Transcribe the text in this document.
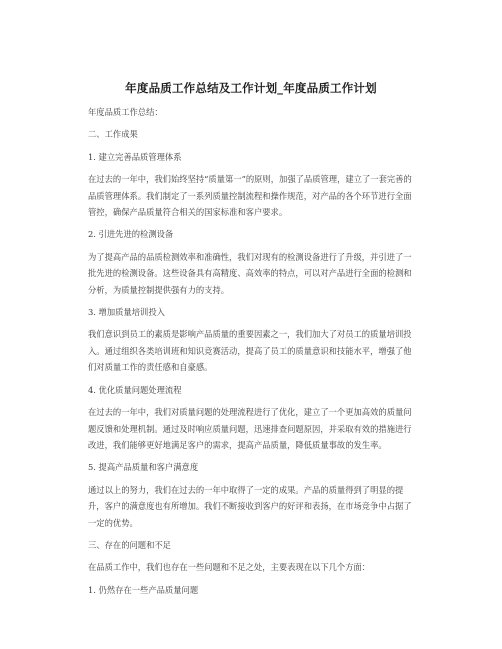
年度品质工作总结及工作计划_年度品质工作计划

年度品质工作总结：

二、工作成果

1. 建立完善品质管理体系

在过去的一年中，我们始终坚持“质量第一”的原则，加强了品质管理，建立了一套完善的品质管理体系。我们制定了一系列质量控制流程和操作规范，对产品的各个环节进行全面管控，确保产品质量符合相关的国家标准和客户要求。

2. 引进先进的检测设备

为了提高产品的品质检测效率和准确性，我们对现有的检测设备进行了升级，并引进了一批先进的检测设备。这些设备具有高精度、高效率的特点，可以对产品进行全面的检测和分析，为质量控制提供强有力的支持。

3. 增加质量培训投入

我们意识到员工的素质是影响产品质量的重要因素之一，我们加大了对员工的质量培训投入。通过组织各类培训班和知识竞赛活动，提高了员工的质量意识和技能水平，增强了他们对质量工作的责任感和自豪感。

4. 优化质量问题处理流程

在过去的一年中，我们对质量问题的处理流程进行了优化，建立了一个更加高效的质量问题反馈和处理机制。通过及时响应质量问题，迅速排查问题原因，并采取有效的措施进行改进，我们能够更好地满足客户的需求，提高产品质量，降低质量事故的发生率。

5. 提高产品质量和客户满意度

通过以上的努力，我们在过去的一年中取得了一定的成果。产品的质量得到了明显的提升，客户的满意度也有所增加。我们不断接收到客户的好评和表扬，在市场竞争中占据了一定的优势。

三、存在的问题和不足

在品质工作中，我们也存在一些问题和不足之处，主要表现在以下几个方面：

1. 仍然存在一些产品质量问题
